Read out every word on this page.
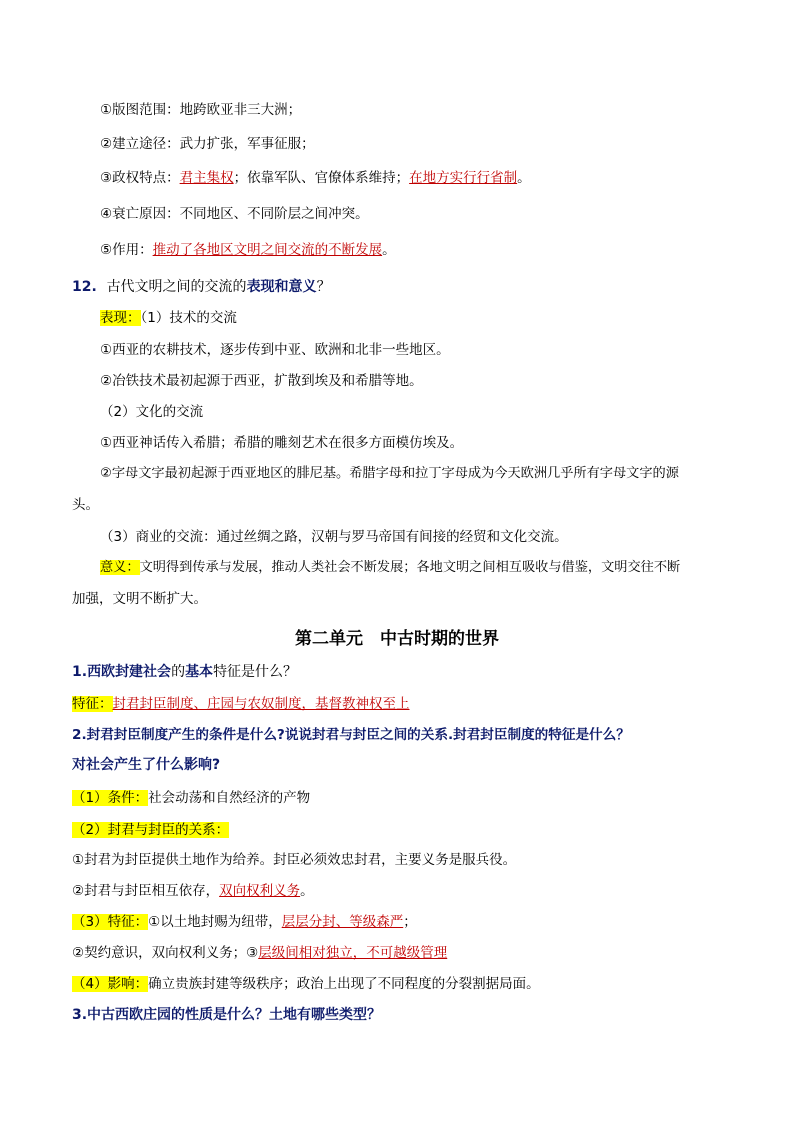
①版图范围：地跨欧亚非三大洲；
②建立途径：武力扩张，军事征服；
③政权特点：君主集权；依靠军队、官僚体系维持；在地方实行行省制。
④衰亡原因：不同地区、不同阶层之间冲突。
⑤作用：推动了各地区文明之间交流的不断发展。
12. 古代文明之间的交流的表现和意义？
表现：（1）技术的交流
①西亚的农耕技术，逐步传到中亚、欧洲和北非一些地区。
②冶铁技术最初起源于西亚，扩散到埃及和希腊等地。
（2）文化的交流
①西亚神话传入希腊；希腊的雕刻艺术在很多方面模仿埃及。
②字母文字最初起源于西亚地区的腓尼基。希腊字母和拉丁字母成为今天欧洲几乎所有字母文字的源
头。
（3）商业的交流：通过丝绸之路，汉朝与罗马帝国有间接的经贸和文化交流。
意义：文明得到传承与发展，推动人类社会不断发展；各地文明之间相互吸收与借鉴，文明交往不断
加强，文明不断扩大。
第二单元　中古时期的世界
1.西欧封建社会的基本特征是什么？
特征：封君封臣制度、庄园与农奴制度，基督教神权至上
2.封君封臣制度产生的条件是什么?说说封君与封臣之间的关系.封君封臣制度的特征是什么？
对社会产生了什么影响?
（1）条件：社会动荡和自然经济的产物
（2）封君与封臣的关系：
①封君为封臣提供土地作为给养。封臣必须效忠封君，主要义务是服兵役。
②封君与封臣相互依存，双向权利义务。
（3）特征：①以土地封赐为纽带，层层分封、等级森严；
②契约意识，双向权利义务；③层级间相对独立，不可越级管理
（4）影响：确立贵族封建等级秩序；政治上出现了不同程度的分裂割据局面。
3.中古西欧庄园的性质是什么？土地有哪些类型？
